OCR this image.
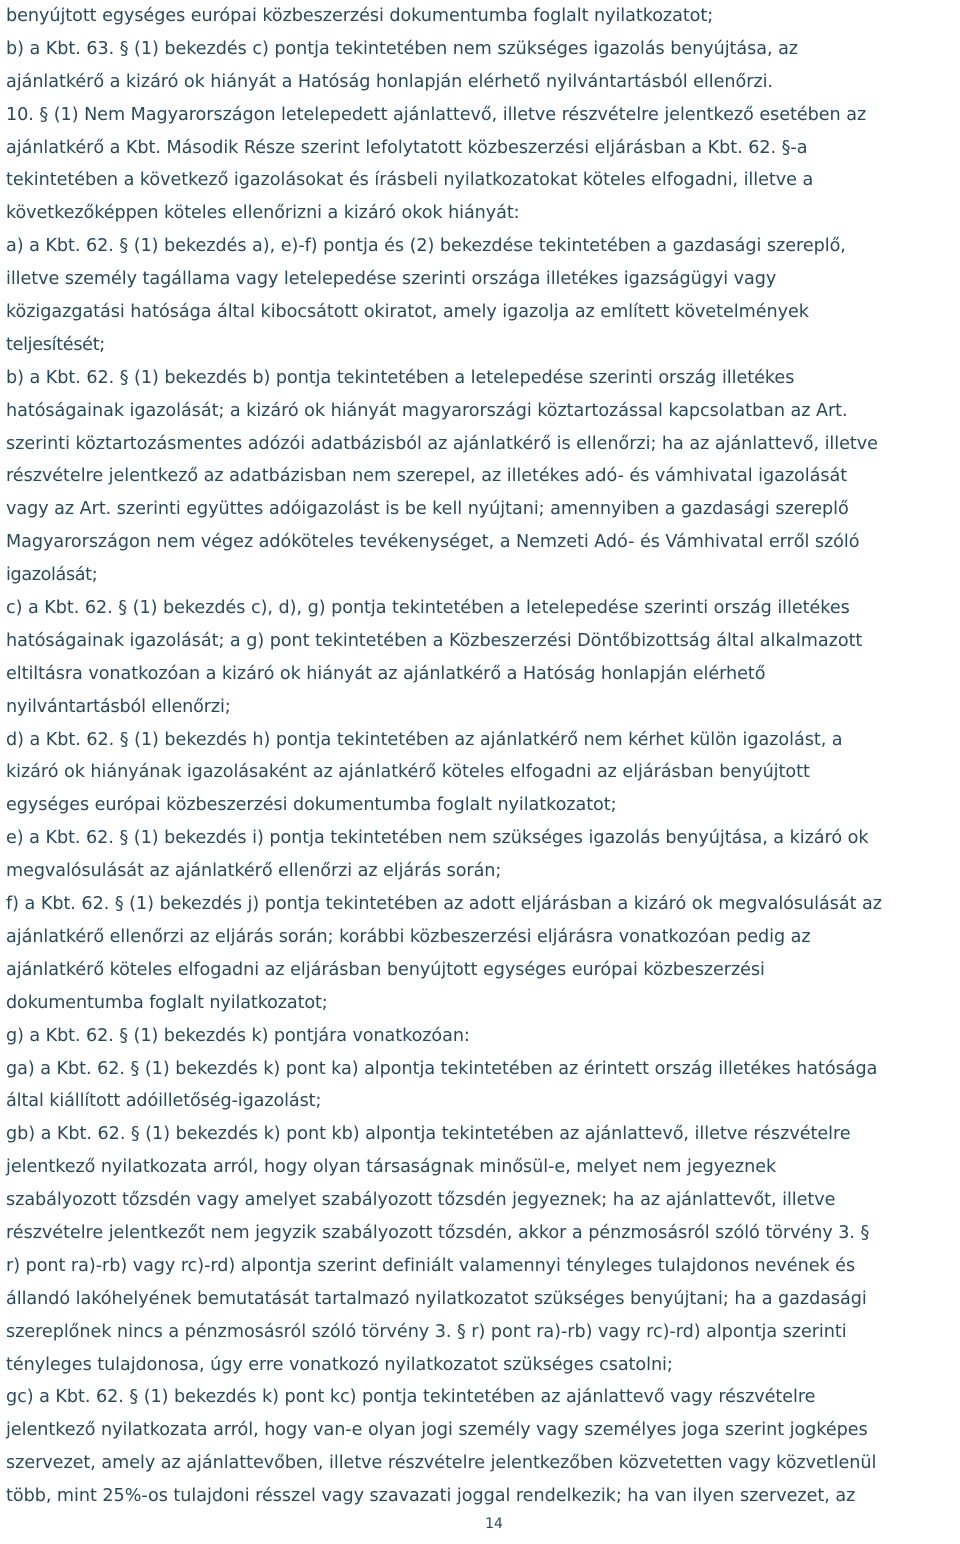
benyújtott egységes európai közbeszerzési dokumentumba foglalt nyilatkozatot;
b) a Kbt. 63. § (1) bekezdés c) pontja tekintetében nem szükséges igazolás benyújtása, az
ajánlatkérő a kizáró ok hiányát a Hatóság honlapján elérhető nyilvántartásból ellenőrzi.
10. § (1) Nem Magyarországon letelepedett ajánlattevő, illetve részvételre jelentkező esetében az
ajánlatkérő a Kbt. Második Része szerint lefolytatott közbeszerzési eljárásban a Kbt. 62. §-a
tekintetében a következő igazolásokat és írásbeli nyilatkozatokat köteles elfogadni, illetve a
következőképpen köteles ellenőrizni a kizáró okok hiányát:
a) a Kbt. 62. § (1) bekezdés a), e)-f) pontja és (2) bekezdése tekintetében a gazdasági szereplő,
illetve személy tagállama vagy letelepedése szerinti országa illetékes igazságügyi vagy
közigazgatási hatósága által kibocsátott okiratot, amely igazolja az említett követelmények
teljesítését;
b) a Kbt. 62. § (1) bekezdés b) pontja tekintetében a letelepedése szerinti ország illetékes
hatóságainak igazolását; a kizáró ok hiányát magyarországi köztartozással kapcsolatban az Art.
szerinti köztartozásmentes adózói adatbázisból az ajánlatkérő is ellenőrzi; ha az ajánlattevő, illetve
részvételre jelentkező az adatbázisban nem szerepel, az illetékes adó- és vámhivatal igazolását
vagy az Art. szerinti együttes adóigazolást is be kell nyújtani; amennyiben a gazdasági szereplő
Magyarországon nem végez adóköteles tevékenységet, a Nemzeti Adó- és Vámhivatal erről szóló
igazolását;
c) a Kbt. 62. § (1) bekezdés c), d), g) pontja tekintetében a letelepedése szerinti ország illetékes
hatóságainak igazolását; a g) pont tekintetében a Közbeszerzési Döntőbizottság által alkalmazott
eltiltásra vonatkozóan a kizáró ok hiányát az ajánlatkérő a Hatóság honlapján elérhető
nyilvántartásból ellenőrzi;
d) a Kbt. 62. § (1) bekezdés h) pontja tekintetében az ajánlatkérő nem kérhet külön igazolást, a
kizáró ok hiányának igazolásaként az ajánlatkérő köteles elfogadni az eljárásban benyújtott
egységes európai közbeszerzési dokumentumba foglalt nyilatkozatot;
e) a Kbt. 62. § (1) bekezdés i) pontja tekintetében nem szükséges igazolás benyújtása, a kizáró ok
megvalósulását az ajánlatkérő ellenőrzi az eljárás során;
f) a Kbt. 62. § (1) bekezdés j) pontja tekintetében az adott eljárásban a kizáró ok megvalósulását az
ajánlatkérő ellenőrzi az eljárás során; korábbi közbeszerzési eljárásra vonatkozóan pedig az
ajánlatkérő köteles elfogadni az eljárásban benyújtott egységes európai közbeszerzési
dokumentumba foglalt nyilatkozatot;
g) a Kbt. 62. § (1) bekezdés k) pontjára vonatkozóan:
ga) a Kbt. 62. § (1) bekezdés k) pont ka) alpontja tekintetében az érintett ország illetékes hatósága
által kiállított adóilletőség-igazolást;
gb) a Kbt. 62. § (1) bekezdés k) pont kb) alpontja tekintetében az ajánlattevő, illetve részvételre
jelentkező nyilatkozata arról, hogy olyan társaságnak minősül-e, melyet nem jegyeznek
szabályozott tőzsdén vagy amelyet szabályozott tőzsdén jegyeznek; ha az ajánlattevőt, illetve
részvételre jelentkezőt nem jegyzik szabályozott tőzsdén, akkor a pénzmosásról szóló törvény 3. §
r) pont ra)-rb) vagy rc)-rd) alpontja szerint definiált valamennyi tényleges tulajdonos nevének és
állandó lakóhelyének bemutatását tartalmazó nyilatkozatot szükséges benyújtani; ha a gazdasági
szereplőnek nincs a pénzmosásról szóló törvény 3. § r) pont ra)-rb) vagy rc)-rd) alpontja szerinti
tényleges tulajdonosa, úgy erre vonatkozó nyilatkozatot szükséges csatolni;
gc) a Kbt. 62. § (1) bekezdés k) pont kc) pontja tekintetében az ajánlattevő vagy részvételre
jelentkező nyilatkozata arról, hogy van-e olyan jogi személy vagy személyes joga szerint jogképes
szervezet, amely az ajánlattevőben, illetve részvételre jelentkezőben közvetetten vagy közvetlenül
több, mint 25%-os tulajdoni résszel vagy szavazati joggal rendelkezik; ha van ilyen szervezet, az
14
